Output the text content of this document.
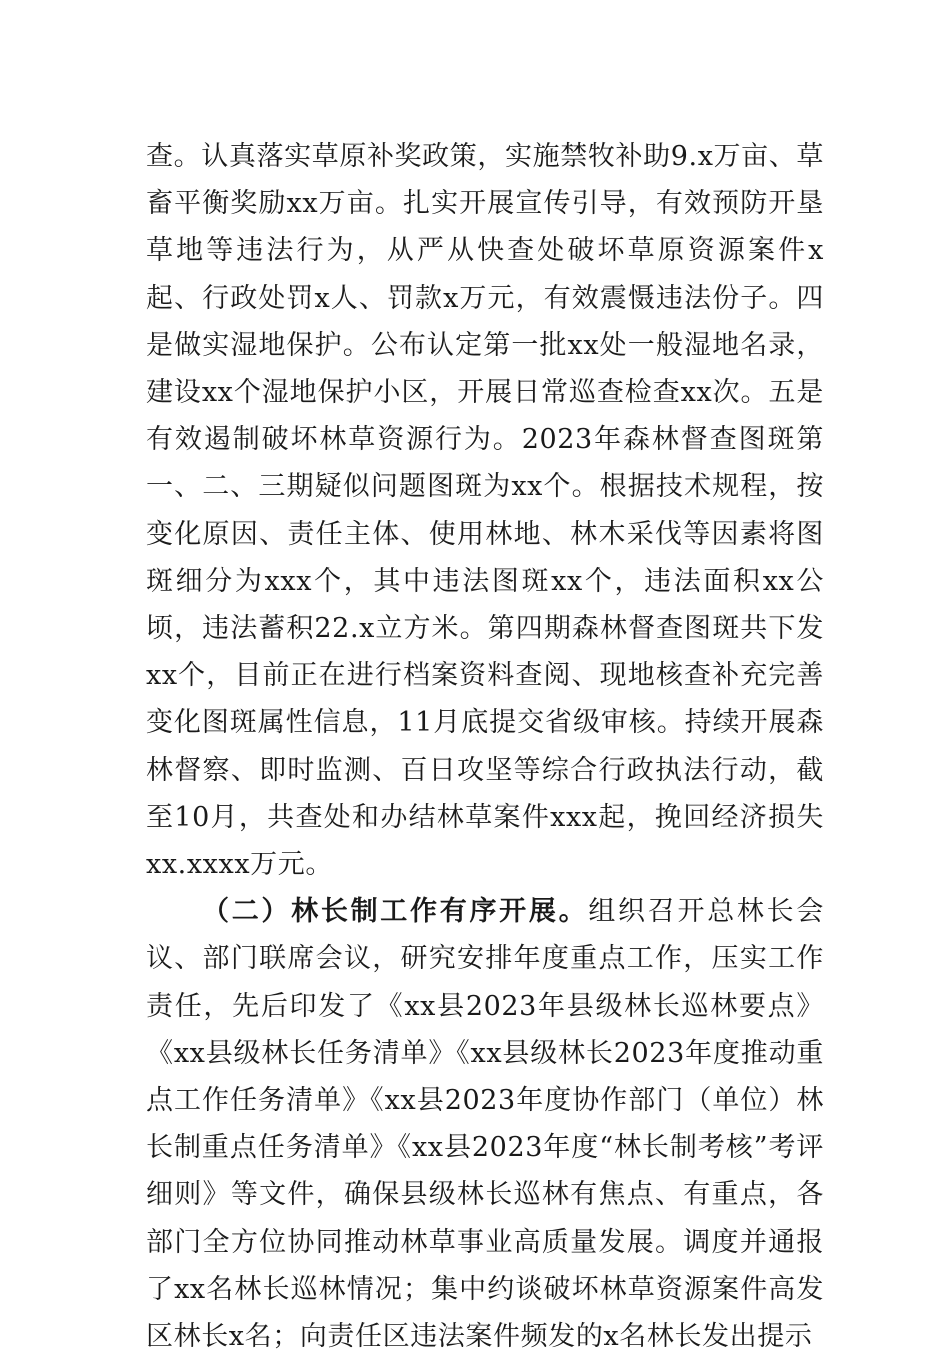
查。认真落实草原补奖政策，实施禁牧补助9.x万亩、草畜平衡奖励xx万亩。扎实开展宣传引导，有效预防开垦草地等违法行为，从严从快查处破坏草原资源案件x起、行政处罚x人、罚款x万元，有效震慑违法份子。四是做实湿地保护。公布认定第一批xx处一般湿地名录，建设xx个湿地保护小区，开展日常巡查检查xx次。五是有效遏制破坏林草资源行为。2023年森林督查图斑第一、二、三期疑似问题图斑为xx个。根据技术规程，按变化原因、责任主体、使用林地、林木采伐等因素将图斑细分为xxx个，其中违法图斑xx个，违法面积xx公顷，违法蓄积22.x立方米。第四期森林督查图斑共下发xx个，目前正在进行档案资料查阅、现地核查补充完善变化图斑属性信息，11月底提交省级审核。持续开展森林督察、即时监测、百日攻坚等综合行政执法行动，截至10月，共查处和办结林草案件xxx起，挽回经济损失xx.xxxx万元。

（二）林长制工作有序开展。组织召开总林长会议、部门联席会议，研究安排年度重点工作，压实工作责任，先后印发了《xx县2023年县级林长巡林要点》《xx县级林长任务清单》《xx县级林长2023年度推动重点工作任务清单》《xx县2023年度协作部门（单位）林长制重点任务清单》《xx县2023年度“林长制考核”考评细则》等文件，确保县级林长巡林有焦点、有重点，各部门全方位协同推动林草事业高质量发展。调度并通报了xx名林长巡林情况；集中约谈破坏林草资源案件高发区林长x名；向责任区违法案件频发的x名林长发出提示
